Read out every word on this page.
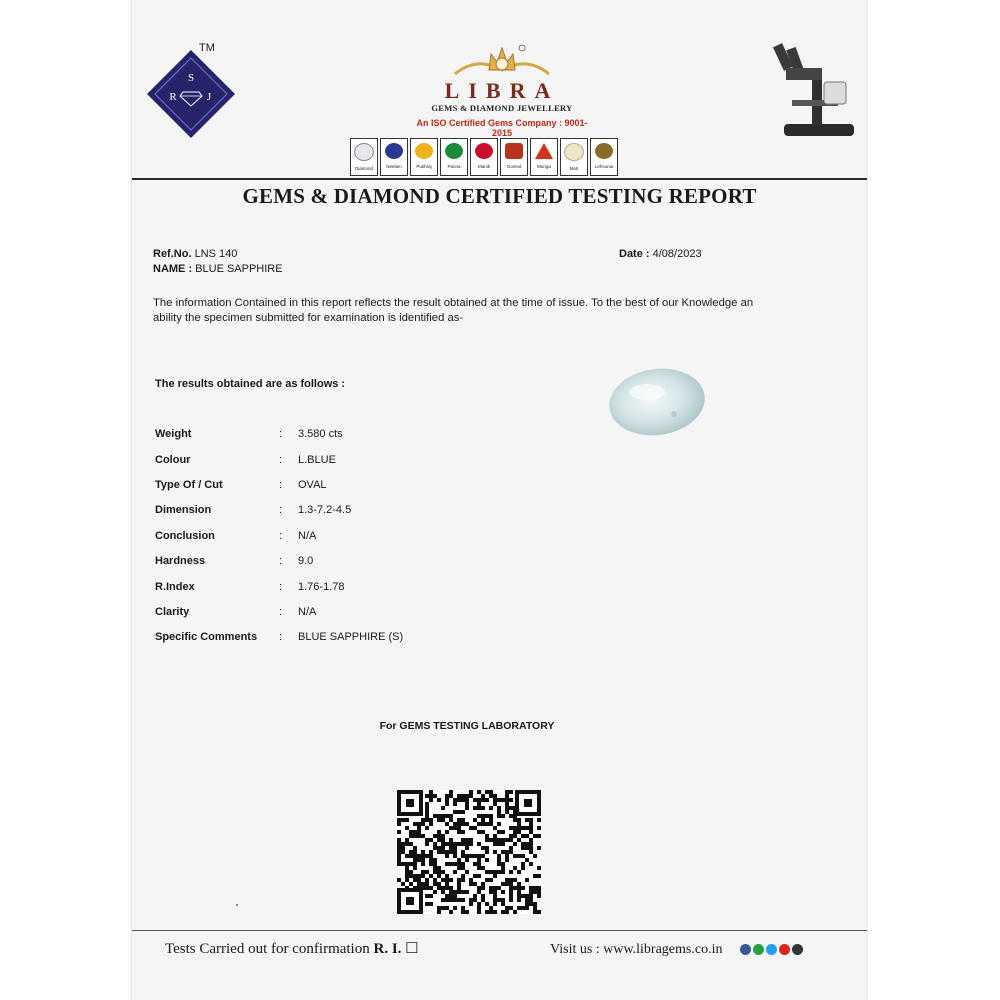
TM
S
R	J	LIBRA
GEMS & DIAMOND JEWELLERY
An ISO Certified Gems Company : 9001-2015
Diamond	Neelam	Pukhraj	Panna	Manik	Gomed	Munga	Moti	Lehsunia
GEMS & DIAMOND CERTIFIED TESTING REPORT
Ref.No. LNS 140
NAME : BLUE SAPPHIRE
Date : 4/08/2023
The information Contained in this report reflects the result obtained at the time of issue. To the best of our Knowledge an ability the specimen submitted for examination is identified as-
The results obtained are as follows :
Weight	: 3.580 cts
Colour	: L.BLUE
Type Of / Cut	: OVAL
Dimension	: 1.3-7.2-4.5
Conclusion	: N/A
Hardness	: 9.0
R.Index	: 1.76-1.78
Clarity	: N/A
Specific Comments	: BLUE SAPPHIRE (S)
For GEMS TESTING LABORATORY
Tests Carried out for confirmation R. I. ☐	Visit us : www.libragems.co.in
